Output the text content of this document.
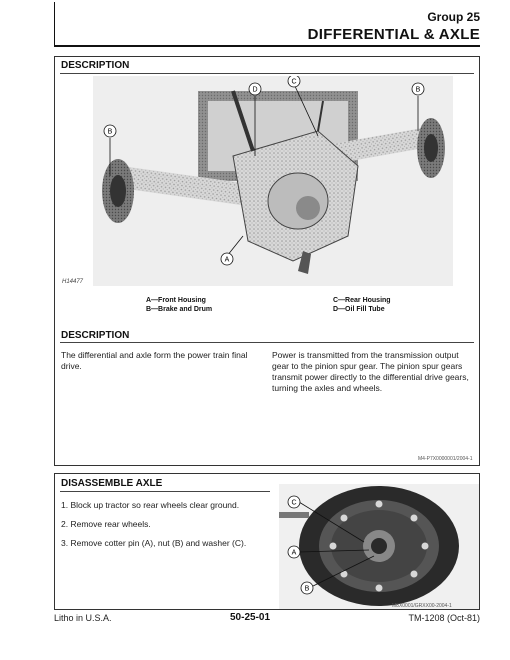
Group 25
DIFFERENTIAL & AXLE
DESCRIPTION
D
C
B
B
A
H14477
A—Front Housing
B—Brake and Drum
C—Rear Housing
D—Oil Fill Tube
DESCRIPTION
The differential and axle form the power train final drive.
Power is transmitted from the transmission output gear to the pinion spur gear. The pinion spur gears transmit power directly to the differential drive gears, turning the axles and wheels.
M4-P7X0000001/2004-1
DISASSEMBLE AXLE
1. Block up tractor so rear wheels clear ground.
2. Remove rear wheels.
3. Remove cotter pin (A), nut (B) and washer (C).
C
A
B
M8X0001/GRXX00-2004-1
Litho in U.S.A.	50-25-01	TM-1208 (Oct-81)
